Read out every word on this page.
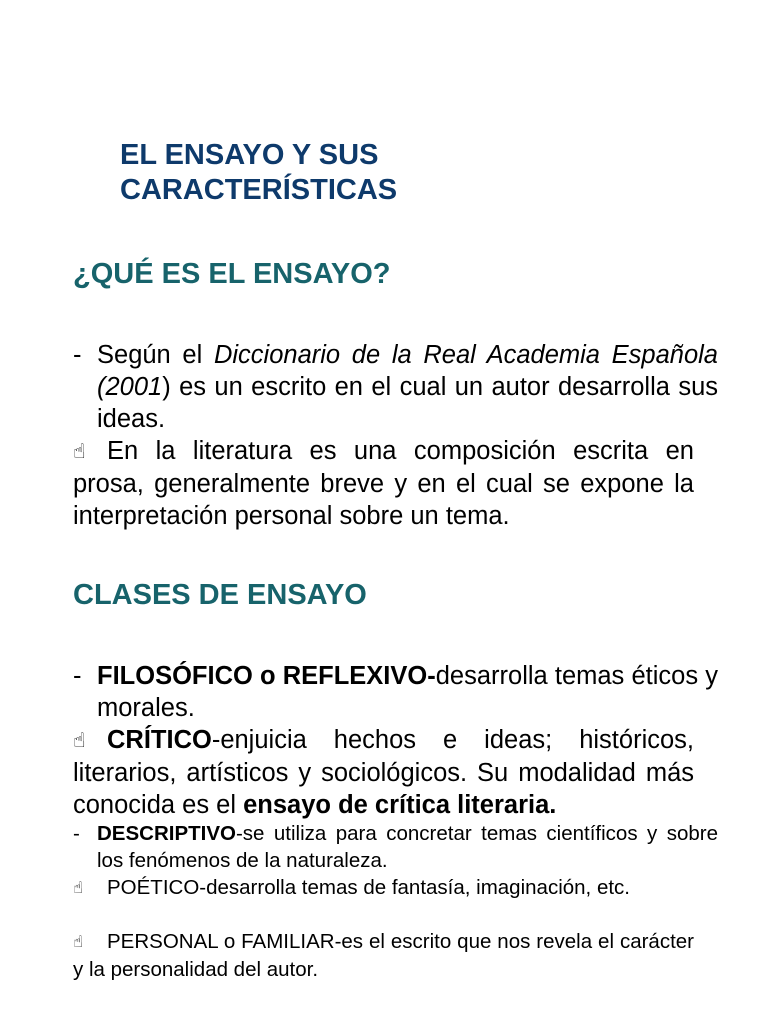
EL ENSAYO Y SUS
CARACTERÍSTICAS
¿QUÉ ES EL ENSAYO?

- Según el Diccionario de la Real Academia Española (2001) es un escrito en el cual un autor desarrolla sus ideas.

☝ En la literatura es una composición escrita en prosa, generalmente breve y en el cual se expone la interpretación personal sobre un tema.

CLASES DE ENSAYO

- FILOSÓFICO o REFLEXIVO-desarrolla temas éticos y morales.

☝ CRÍTICO-enjuicia hechos e ideas; históricos, literarios, artísticos y sociológicos. Su modalidad más conocida es el ensayo de crítica literaria.

- DESCRIPTIVO-se utiliza para concretar temas científicos y sobre los fenómenos de la naturaleza.

☝ POÉTICO-desarrolla temas de fantasía, imaginación, etc.

☝ PERSONAL o FAMILIAR-es el escrito que nos revela el carácter y la personalidad del autor.
